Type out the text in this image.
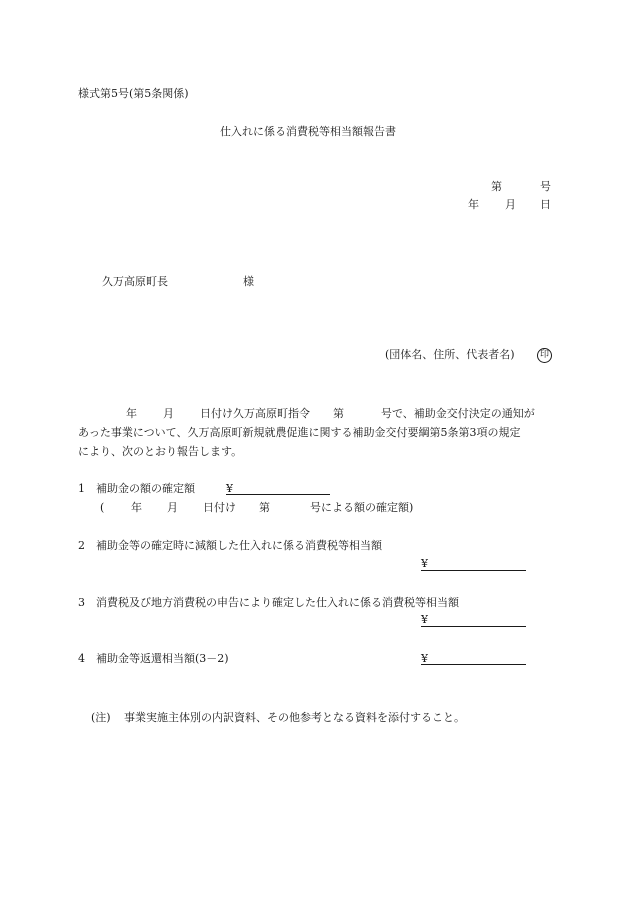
様式第5号(第5条関係)
仕入れに係る消費税等相当額報告書
第	号
年 月 日
久万高原町長	様
(団体名、住所、代表者名)	印
年 月 日付け久万高原町指令 第	号で、補助金交付決定の通知が
あった事業について、久万高原町新規就農促進に関する補助金交付要綱第5条第3項の規定
により、次のとおり報告します。
1 補助金の額の確定額	¥
( 年 月 日付け 第	号による額の確定額)
2 補助金等の確定時に減額した仕入れに係る消費税等相当額
¥
3 消費税及び地方消費税の申告により確定した仕入れに係る消費税等相当額
¥
4 補助金等返還相当額(3－2)	¥
(注) 事業実施主体別の内訳資料、その他参考となる資料を添付すること。
